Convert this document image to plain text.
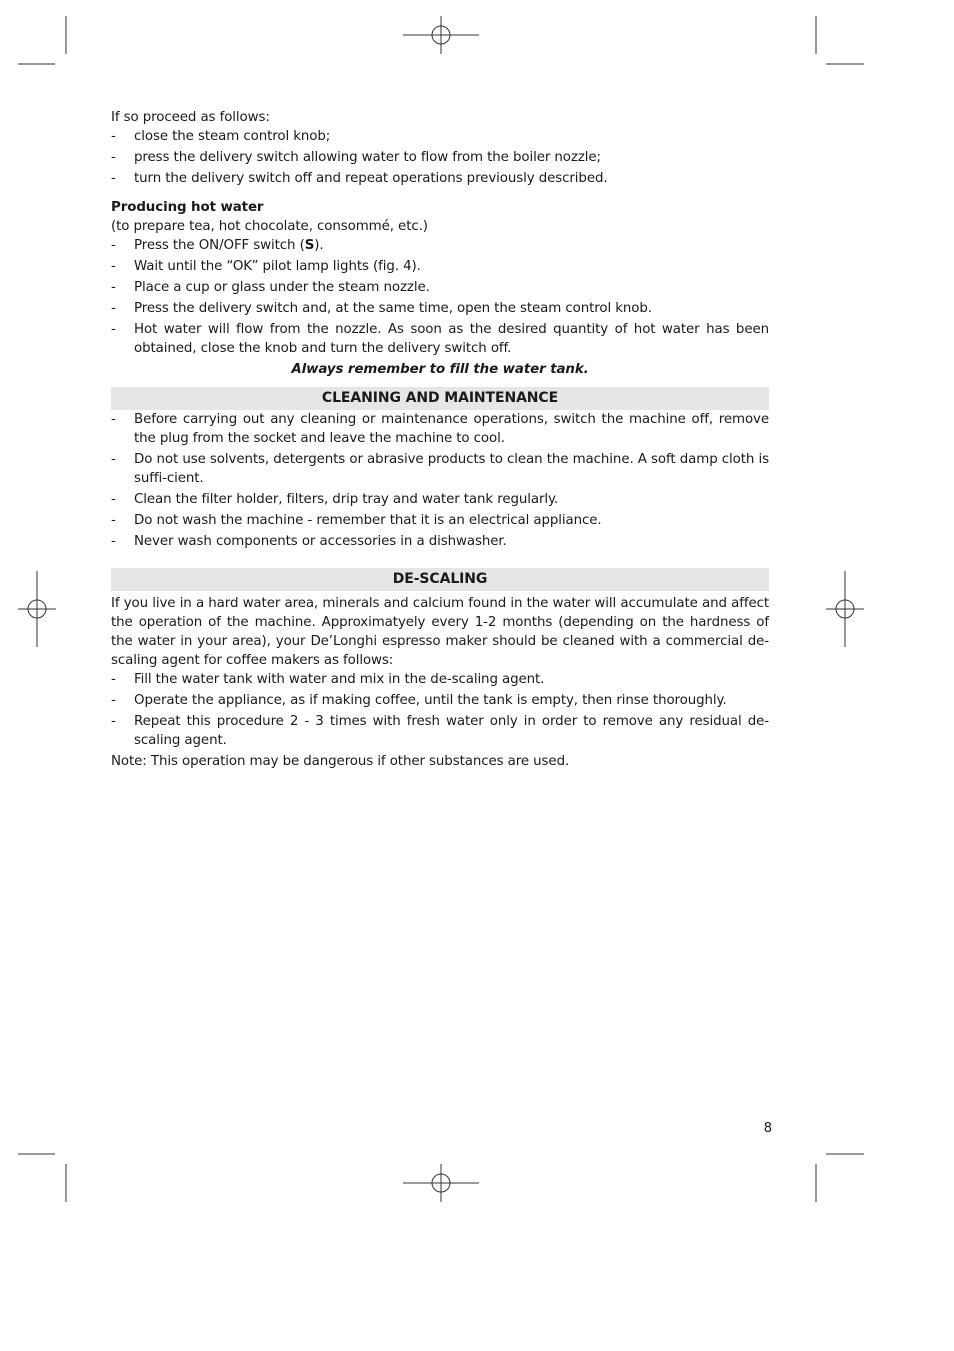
If so proceed as follows:

- close the steam control knob;
- press the delivery switch allowing water to flow from the boiler nozzle;
- turn the delivery switch off and repeat operations previously described.

Producing hot water

(to prepare tea, hot chocolate, consommé, etc.)

- Press the ON/OFF switch (S).
- Wait until the “OK” pilot lamp lights (fig. 4).
- Place a cup or glass under the steam nozzle.
- Press the delivery switch and, at the same time, open the steam control knob.
- Hot water will flow from the nozzle. As soon as the desired quantity of hot water has been obtained, close the knob and turn the delivery switch off.

Always remember to fill the water tank.

CLEANING AND MAINTENANCE
- Before carrying out any cleaning or maintenance operations, switch the machine off, remove the plug from the socket and leave the machine to cool.
- Do not use solvents, detergents or abrasive products to clean the machine. A soft damp cloth is suffi-cient.
- Clean the filter holder, filters, drip tray and water tank regularly.
- Do not wash the machine - remember that it is an electrical appliance.
- Never wash components or accessories in a dishwasher.
DE-SCALING

If you live in a hard water area, minerals and calcium found in the water will accumulate and affect the operation of the machine. Approximatyely every 1-2 months (depending on the hardness of the water in your area), your De’Longhi espresso maker should be cleaned with a commercial de-scaling agent for coffee makers as follows:

- Fill the water tank with water and mix in the de-scaling agent.
- Operate the appliance, as if making coffee, until the tank is empty, then rinse thoroughly.
- Repeat this procedure 2 - 3 times with fresh water only in order to remove any residual de-scaling agent.

Note: This operation may be dangerous if other substances are used.

8
